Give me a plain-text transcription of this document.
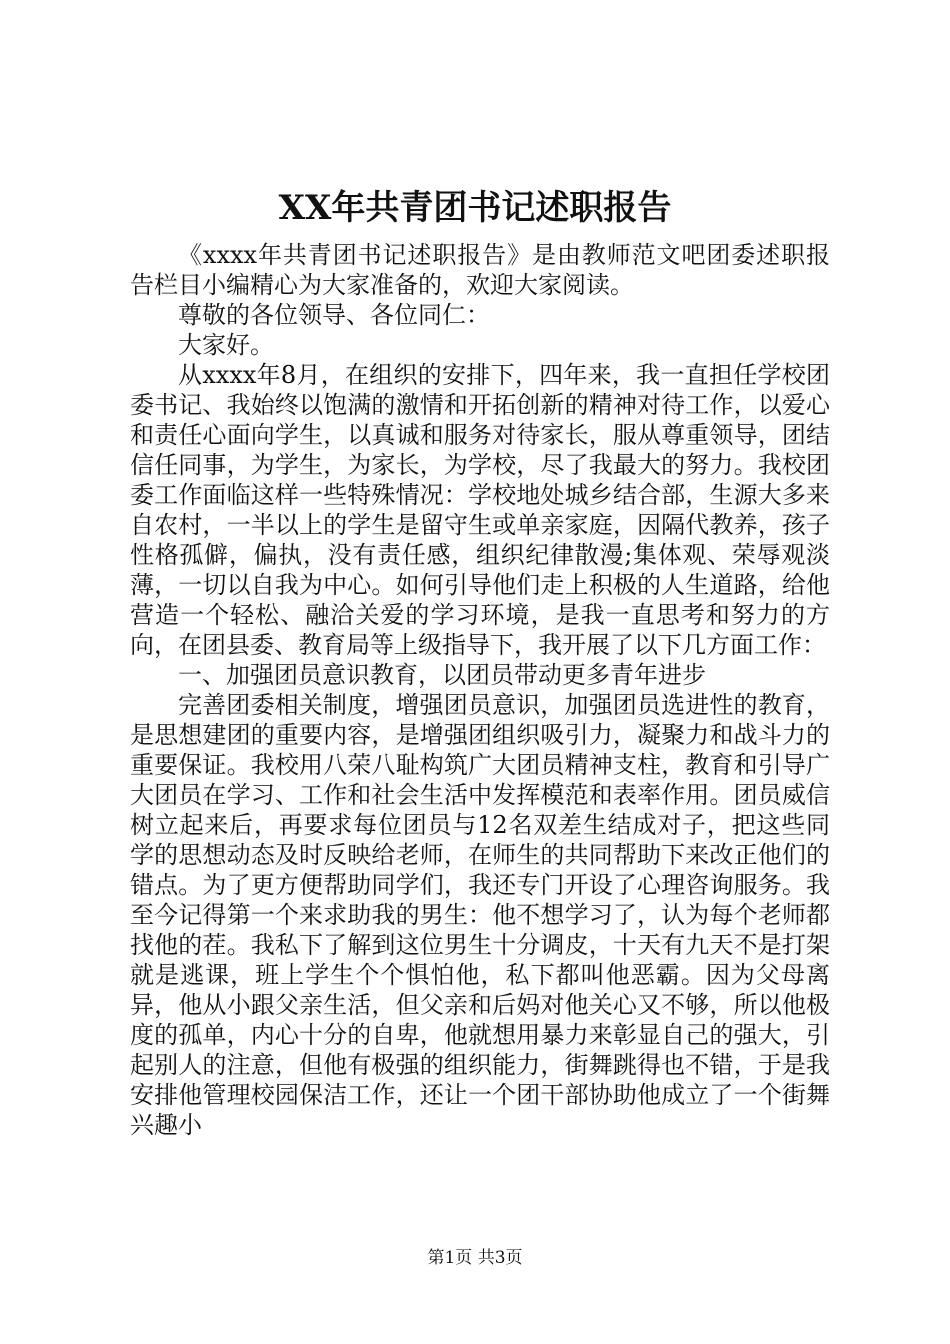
XX年共青团书记述职报告

《xxxx年共青团书记述职报告》是由教师范文吧团委述职报告栏目小编精心为大家准备的，欢迎大家阅读。

尊敬的各位领导、各位同仁：

大家好。

从xxxx年8月，在组织的安排下，四年来，我一直担任学校团委书记、我始终以饱满的激情和开拓创新的精神对待工作，以爱心和责任心面向学生，以真诚和服务对待家长，服从尊重领导，团结信任同事，为学生，为家长，为学校，尽了我最大的努力。我校团委工作面临这样一些特殊情况：学校地处城乡结合部，生源大多来自农村，一半以上的学生是留守生或单亲家庭，因隔代教养，孩子性格孤僻，偏执，没有责任感，组织纪律散漫;集体观、荣辱观淡薄，一切以自我为中心。如何引导他们走上积极的人生道路，给他营造一个轻松、融洽关爱的学习环境，是我一直思考和努力的方向，在团县委、教育局等上级指导下，我开展了以下几方面工作：

一、加强团员意识教育，以团员带动更多青年进步

完善团委相关制度，增强团员意识，加强团员选进性的教育，是思想建团的重要内容，是增强团组织吸引力，凝聚力和战斗力的重要保证。我校用八荣八耻构筑广大团员精神支柱，教育和引导广大团员在学习、工作和社会生活中发挥模范和表率作用。团员威信树立起来后，再要求每位团员与12名双差生结成对子，把这些同学的思想动态及时反映给老师，在师生的共同帮助下来改正他们的错点。为了更方便帮助同学们，我还专门开设了心理咨询服务。我至今记得第一个来求助我的男生：他不想学习了，认为每个老师都找他的茬。我私下了解到这位男生十分调皮，十天有九天不是打架就是逃课，班上学生个个惧怕他，私下都叫他恶霸。因为父母离异，他从小跟父亲生活，但父亲和后妈对他关心又不够，所以他极度的孤单，内心十分的自卑，他就想用暴力来彰显自己的强大，引起别人的注意，但他有极强的组织能力，街舞跳得也不错，于是我安排他管理校园保洁工作，还让一个团干部协助他成立了一个街舞兴趣小

第1页 共3页
